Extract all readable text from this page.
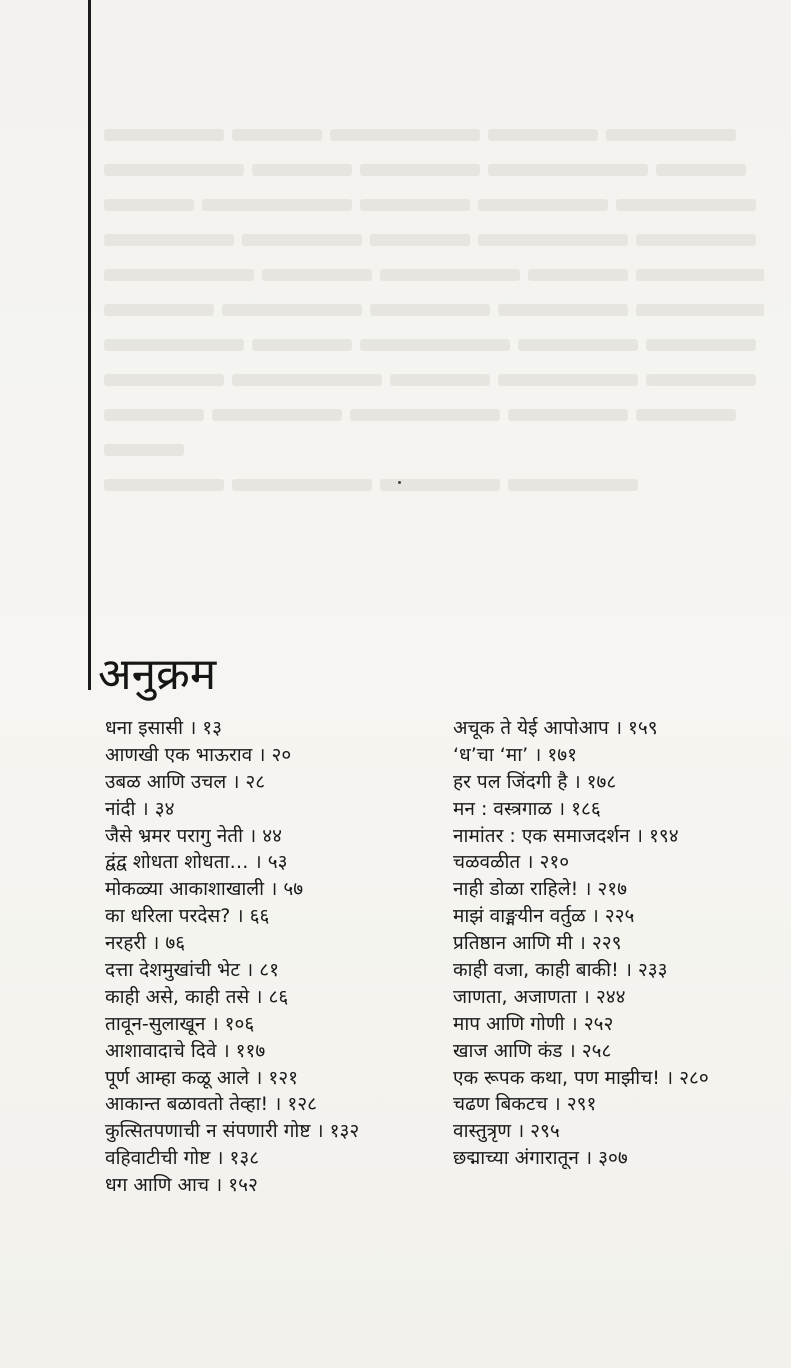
अनुक्रम
धना इसासी । १३
आणखी एक भाऊराव । २०
उबळ आणि उचल । २८
नांदी । ३४
जैसे भ्रमर परागु नेती । ४४
द्वंद्व शोधता शोधता… । ५३
मोकळ्या आकाशाखाली । ५७
का धरिला परदेस? । ६६
नरहरी । ७६
दत्ता देशमुखांची भेट । ८१
काही असे, काही तसे । ८६
तावून-सुलाखून । १०६
आशावादाचे दिवे । ११७
पूर्ण आम्हा कळू आले । १२१
आकान्त बळावतो तेव्हा! । १२८
कुत्सितपणाची न संपणारी गोष्ट । १३२
वहिवाटीची गोष्ट । १३८
धग आणि आच । १५२
अचूक ते येई आपोआप । १५९
‘ध’चा ‘मा’ । १७१
हर पल जिंदगी है । १७८
मन : वस्त्रगाळ । १८६
नामांतर : एक समाजदर्शन । १९४
चळवळीत । २१०
नाही डोळा राहिले! । २१७
माझं वाङ्मयीन वर्तुळ । २२५
प्रतिष्ठान आणि मी । २२९
काही वजा, काही बाकी! । २३३
जाणता, अजाणता । २४४
माप आणि गोणी । २५२
खाज आणि कंड । २५८
एक रूपक कथा, पण माझीच! । २८०
चढण बिकटच । २९१
वास्तुत्रृण । २९५
छद्माच्या अंगारातून । ३०७
